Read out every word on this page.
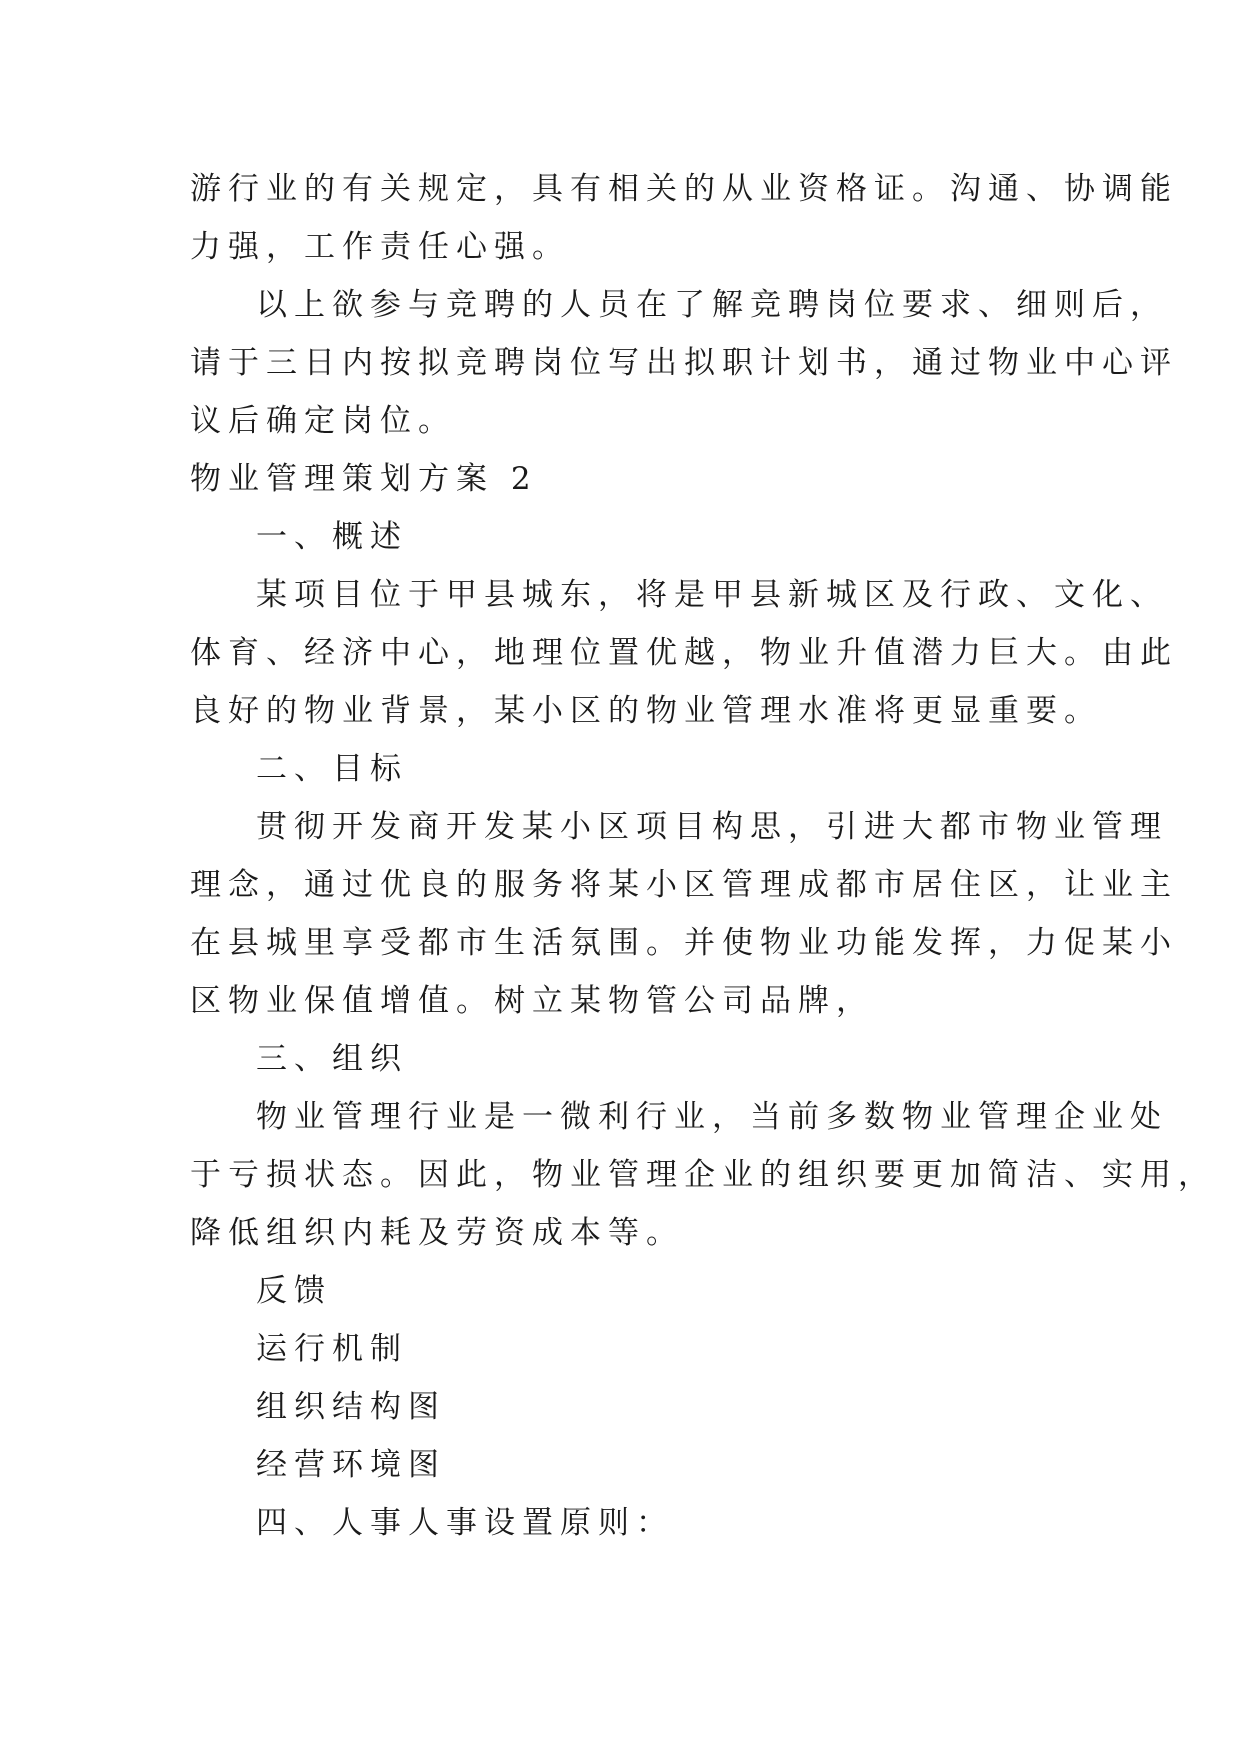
游行业的有关规定，具有相关的从业资格证。沟通、协调能
力强，工作责任心强。
以上欲参与竞聘的人员在了解竞聘岗位要求、细则后，
请于三日内按拟竞聘岗位写出拟职计划书，通过物业中心评
议后确定岗位。
物业管理策划方案 2
一、概述
某项目位于甲县城东，将是甲县新城区及行政、文化、
体育、经济中心，地理位置优越，物业升值潜力巨大。由此
良好的物业背景，某小区的物业管理水准将更显重要。
二、目标
贯彻开发商开发某小区项目构思，引进大都市物业管理
理念，通过优良的服务将某小区管理成都市居住区，让业主
在县城里享受都市生活氛围。并使物业功能发挥，力促某小
区物业保值增值。树立某物管公司品牌，
三、组织
物业管理行业是一微利行业，当前多数物业管理企业处
于亏损状态。因此，物业管理企业的组织要更加简洁、实用，
降低组织内耗及劳资成本等。
反馈
运行机制
组织结构图
经营环境图
四、人事人事设置原则：
